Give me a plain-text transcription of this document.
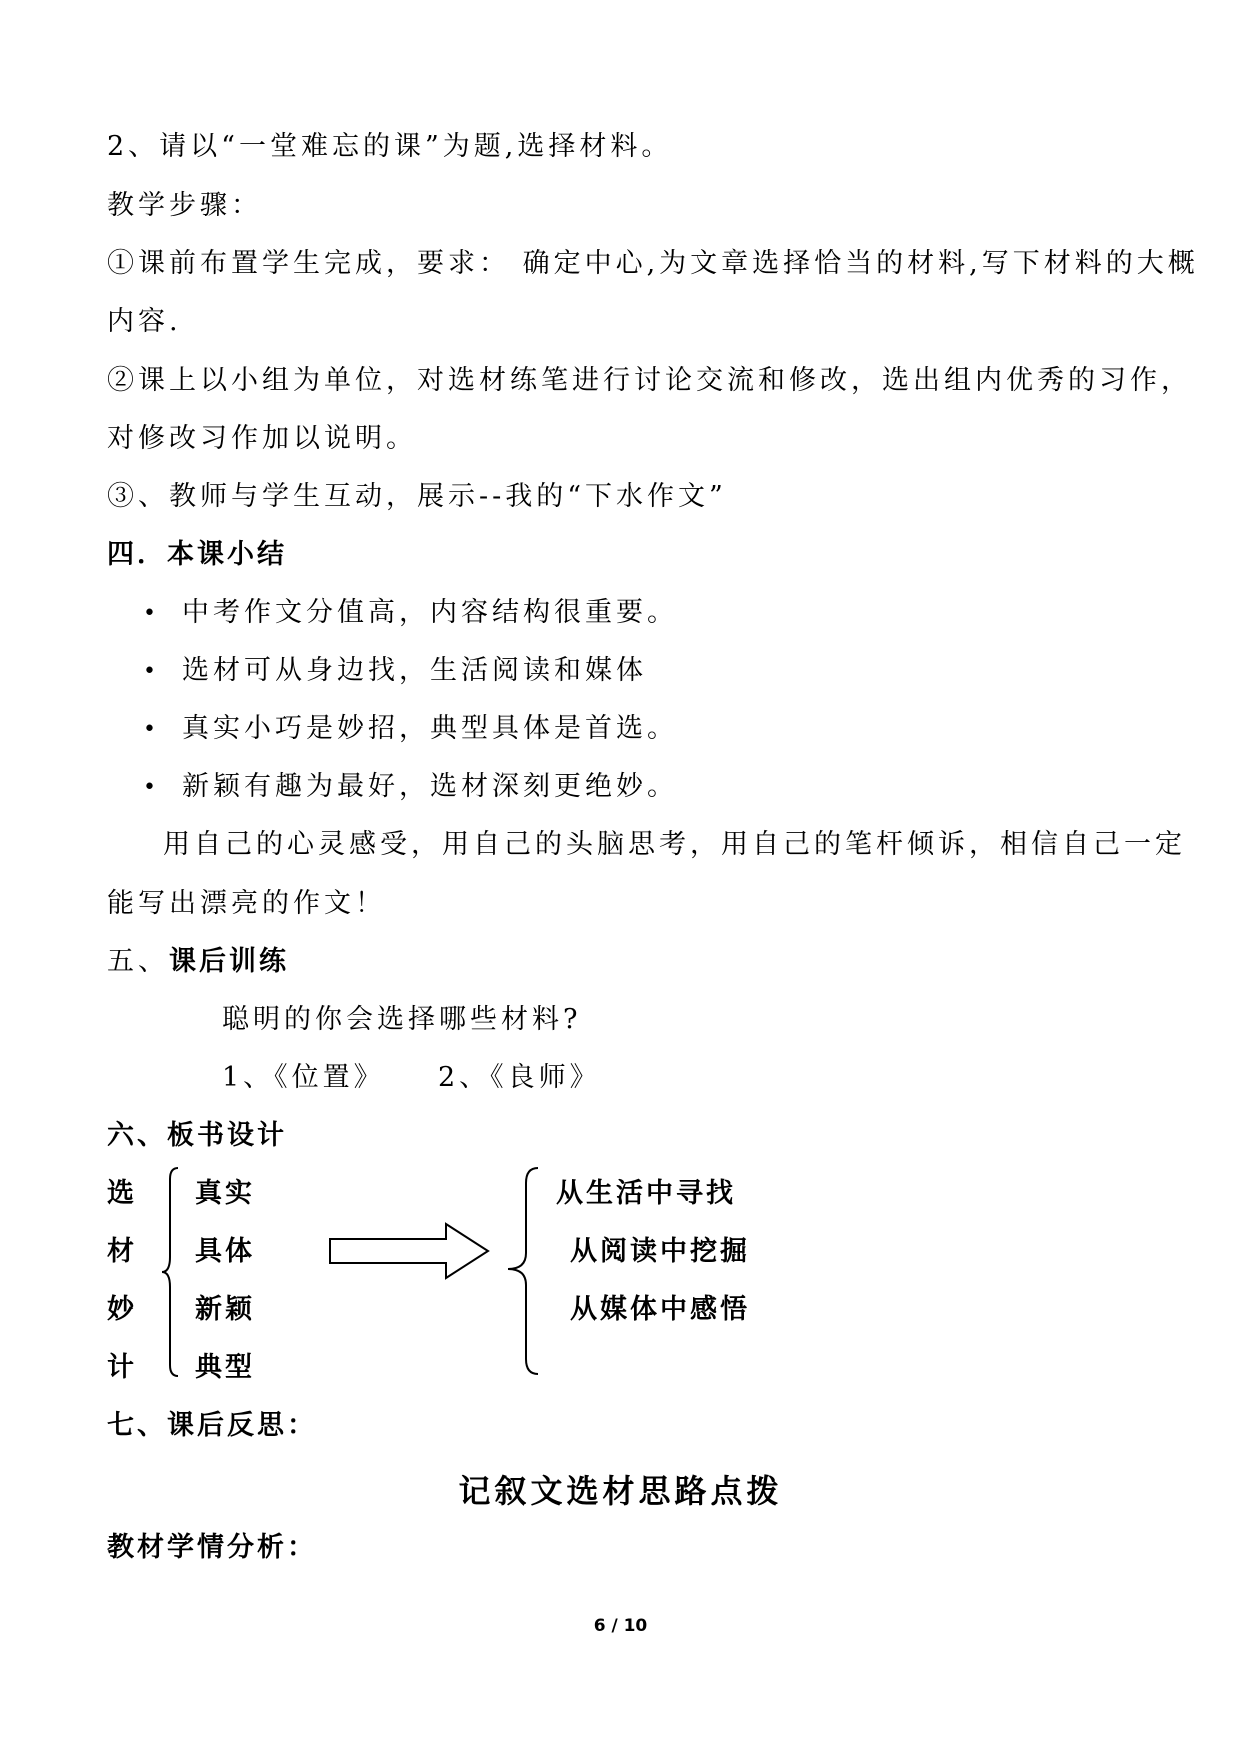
2、请以“一堂难忘的课”为题,选择材料。
教学步骤：
①课前布置学生完成，要求： 确定中心,为文章选择恰当的材料,写下材料的大概
内容.
②课上以小组为单位，对选材练笔进行讨论交流和修改，选出组内优秀的习作，
对修改习作加以说明。
③、教师与学生互动，展示--我的“下水作文”
四．本课小结
• 中考作文分值高，内容结构很重要。
• 选材可从身边找，生活阅读和媒体
• 真实小巧是妙招，典型具体是首选。
• 新颖有趣为最好，选材深刻更绝妙。
用自己的心灵感受，用自己的头脑思考，用自己的笔杆倾诉，相信自己一定
能写出漂亮的作文！
五、课后训练
聪明的你会选择哪些材料?
1、《位置》 2、《良师》
六、板书设计
选
材
妙
计
真实
具体
新颖
典型
从生活中寻找
从阅读中挖掘
从媒体中感悟
七、课后反思：
记叙文选材思路点拨
教材学情分析：
6 / 10
